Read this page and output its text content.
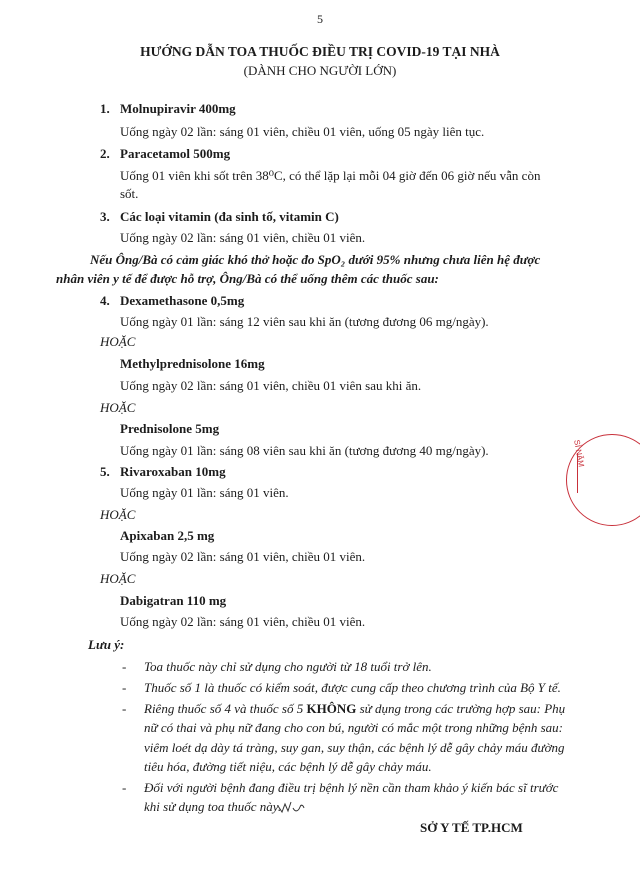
5
HƯỚNG DẪN TOA THUỐC ĐIỀU TRỊ COVID-19 TẠI NHÀ
(DÀNH CHO NGƯỜI LỚN)
1. Molnupiravir 400mg
Uống ngày 02 lần: sáng 01 viên, chiều 01 viên, uống 05 ngày liên tục.
2. Paracetamol 500mg
Uống 01 viên khi sốt trên 38⁰C, có thể lặp lại mỗi 04 giờ đến 06 giờ nếu vẫn còn
sốt.
3. Các loại vitamin (đa sinh tố, vitamin C)
Uống ngày 02 lần: sáng 01 viên, chiều 01 viên.
Nếu Ông/Bà có cảm giác khó thở hoặc đo SpO₂ dưới 95% nhưng chưa liên hệ được
nhân viên y tế để được hỗ trợ, Ông/Bà có thể uống thêm các thuốc sau:
4. Dexamethasone 0,5mg
Uống ngày 01 lần: sáng 12 viên sau khi ăn (tương đương 06 mg/ngày).
HOẶC
Methylprednisolone 16mg
Uống ngày 02 lần: sáng 01 viên, chiều 01 viên sau khi ăn.
HOẶC
Prednisolone 5mg
Uống ngày 01 lần: sáng 08 viên sau khi ăn (tương đương 40 mg/ngày).
5. Rivaroxaban 10mg
Uống ngày 01 lần: sáng 01 viên.
HOẶC
Apixaban 2,5 mg
Uống ngày 02 lần: sáng 01 viên, chiều 01 viên.
HOẶC
Dabigatran 110 mg
Uống ngày 02 lần: sáng 01 viên, chiều 01 viên.
Lưu ý:
- Toa thuốc này chỉ sử dụng cho người từ 18 tuổi trở lên.
- Thuốc số 1 là thuốc có kiểm soát, được cung cấp theo chương trình của Bộ Y tế.
- Riêng thuốc số 4 và thuốc số 5 KHÔNG sử dụng trong các trường hợp sau: Phụ
nữ có thai và phụ nữ đang cho con bú, người có mắc một trong những bệnh sau:
viêm loét dạ dày tá tràng, suy gan, suy thận, các bệnh lý dễ gây chảy máu đường
tiêu hóa, đường tiết niệu, các bệnh lý dễ gây chảy máu.
- Đối với người bệnh đang điều trị bệnh lý nền cần tham khảo ý kiến bác sĩ trước
khi sử dụng toa thuốc này.
SỞ Y TẾ TP.HCM
SỈ NĂM
